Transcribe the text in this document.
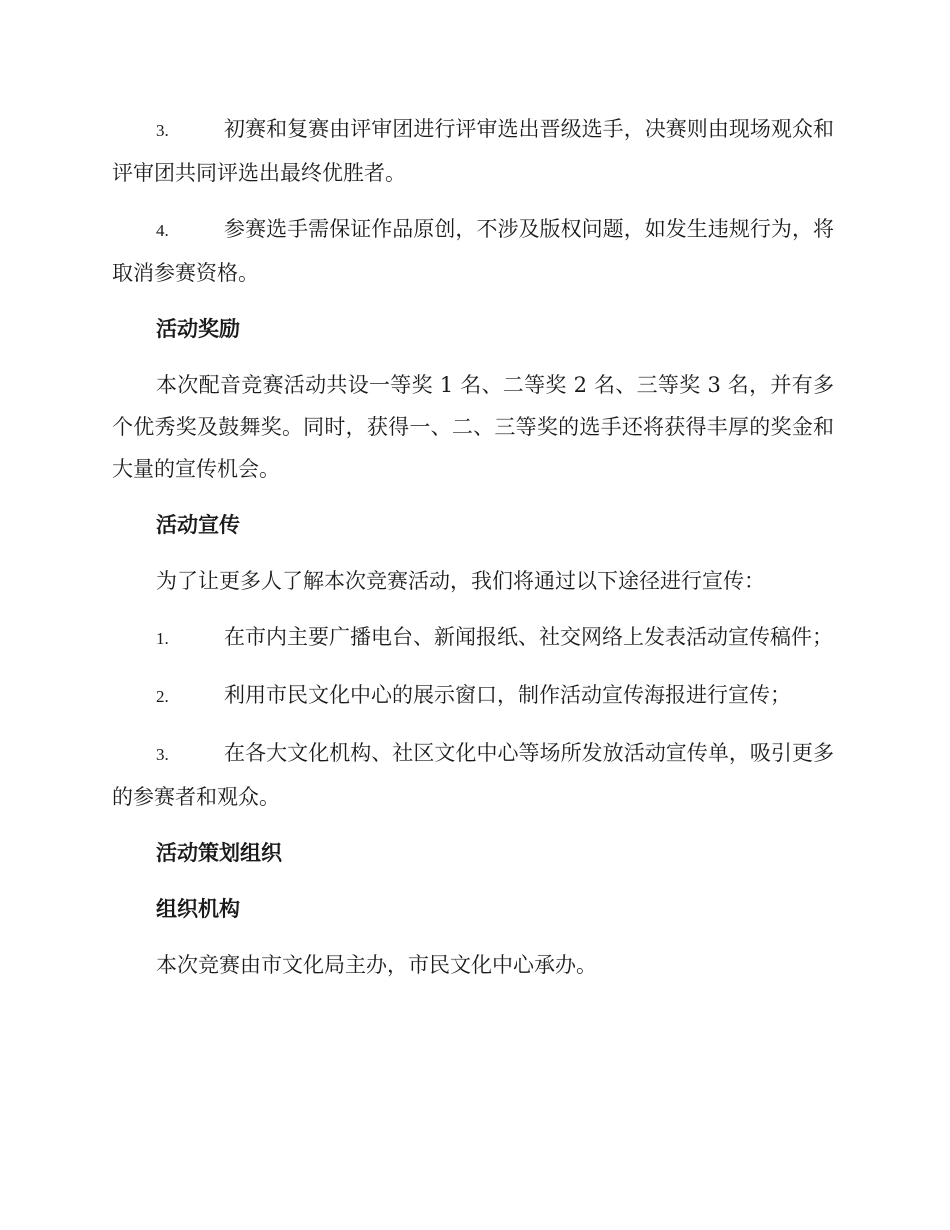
3.	初赛和复赛由评审团进行评审选出晋级选手，决赛则由现场观众和评审团共同评选出最终优胜者。

4.	参赛选手需保证作品原创，不涉及版权问题，如发生违规行为，将取消参赛资格。

活动奖励

本次配音竞赛活动共设一等奖 1 名、二等奖 2 名、三等奖 3 名，并有多个优秀奖及鼓舞奖。同时，获得一、二、三等奖的选手还将获得丰厚的奖金和大量的宣传机会。

活动宣传

为了让更多人了解本次竞赛活动，我们将通过以下途径进行宣传：

1.	在市内主要广播电台、新闻报纸、社交网络上发表活动宣传稿件；

2.	利用市民文化中心的展示窗口，制作活动宣传海报进行宣传；

3.	在各大文化机构、社区文化中心等场所发放活动宣传单，吸引更多的参赛者和观众。

活动策划组织

组织机构

本次竞赛由市文化局主办，市民文化中心承办。
